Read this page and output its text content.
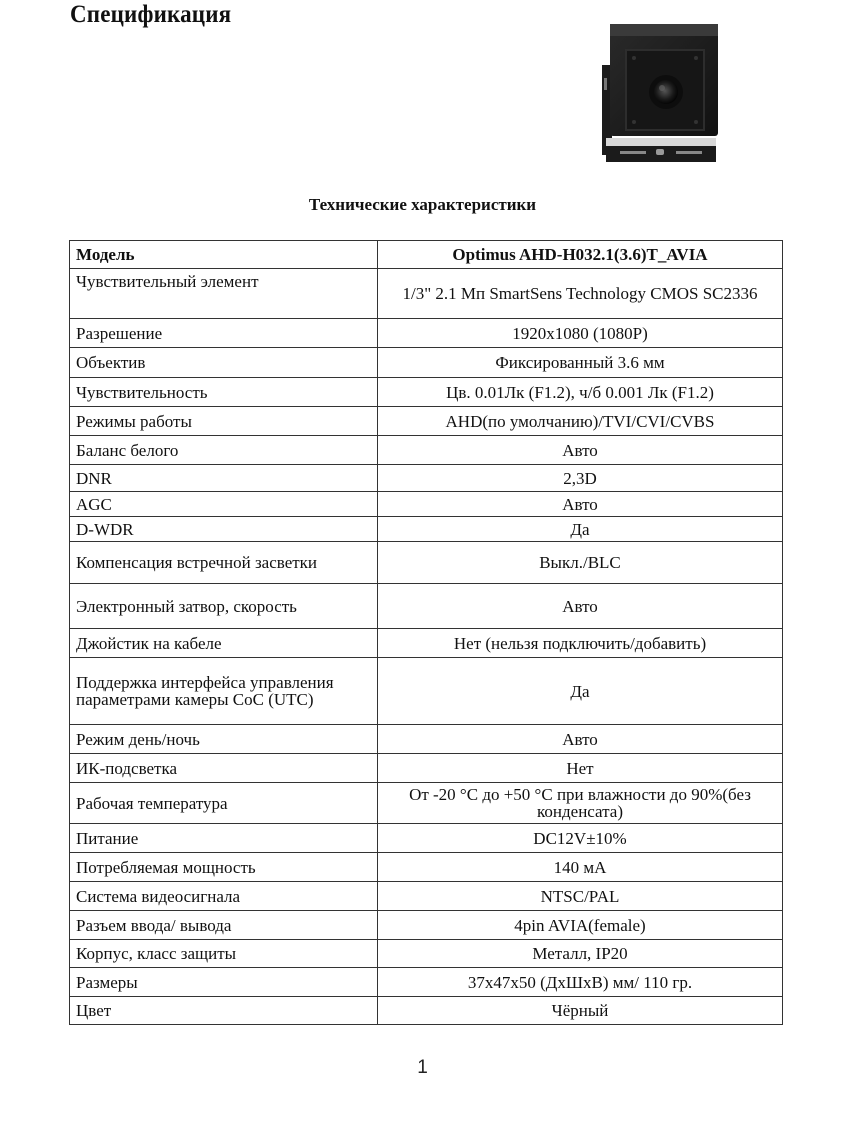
Спецификация
Технические характеристики
Модель	Optimus AHD-H032.1(3.6)T_AVIA
Чувствительный элемент	1/3" 2.1 Мп SmartSens Technology CMOS SC2336
Разрешение	1920x1080 (1080P)
Объектив	Фиксированный 3.6 мм
Чувствительность	Цв. 0.01Лк (F1.2), ч/б 0.001 Лк (F1.2)
Режимы работы	AHD(по умолчанию)/TVI/CVI/CVBS
Баланс белого	Авто
DNR	2,3D
AGC	Авто
D-WDR	Да
Компенсация встречной засветки	Выкл./BLC
Электронный затвор, скорость	Авто
Джойстик на кабеле	Нет (нельзя подключить/добавить)
Поддержка интерфейса управления параметрами камеры CoC (UTC)	Да
Режим день/ночь	Авто
ИК-подсветка	Нет
Рабочая температура	От -20 °C до +50 °C при влажности до 90%(без конденсата)
Питание	DC12V±10%
Потребляемая мощность	140 мА
Система видеосигнала	NTSC/PAL
Разъем ввода/ вывода	4pin AVIA(female)
Корпус, класс защиты	Металл, IP20
Размеры	37x47x50 (ДхШхВ) мм/ 110 гр.
Цвет	Чёрный
1
